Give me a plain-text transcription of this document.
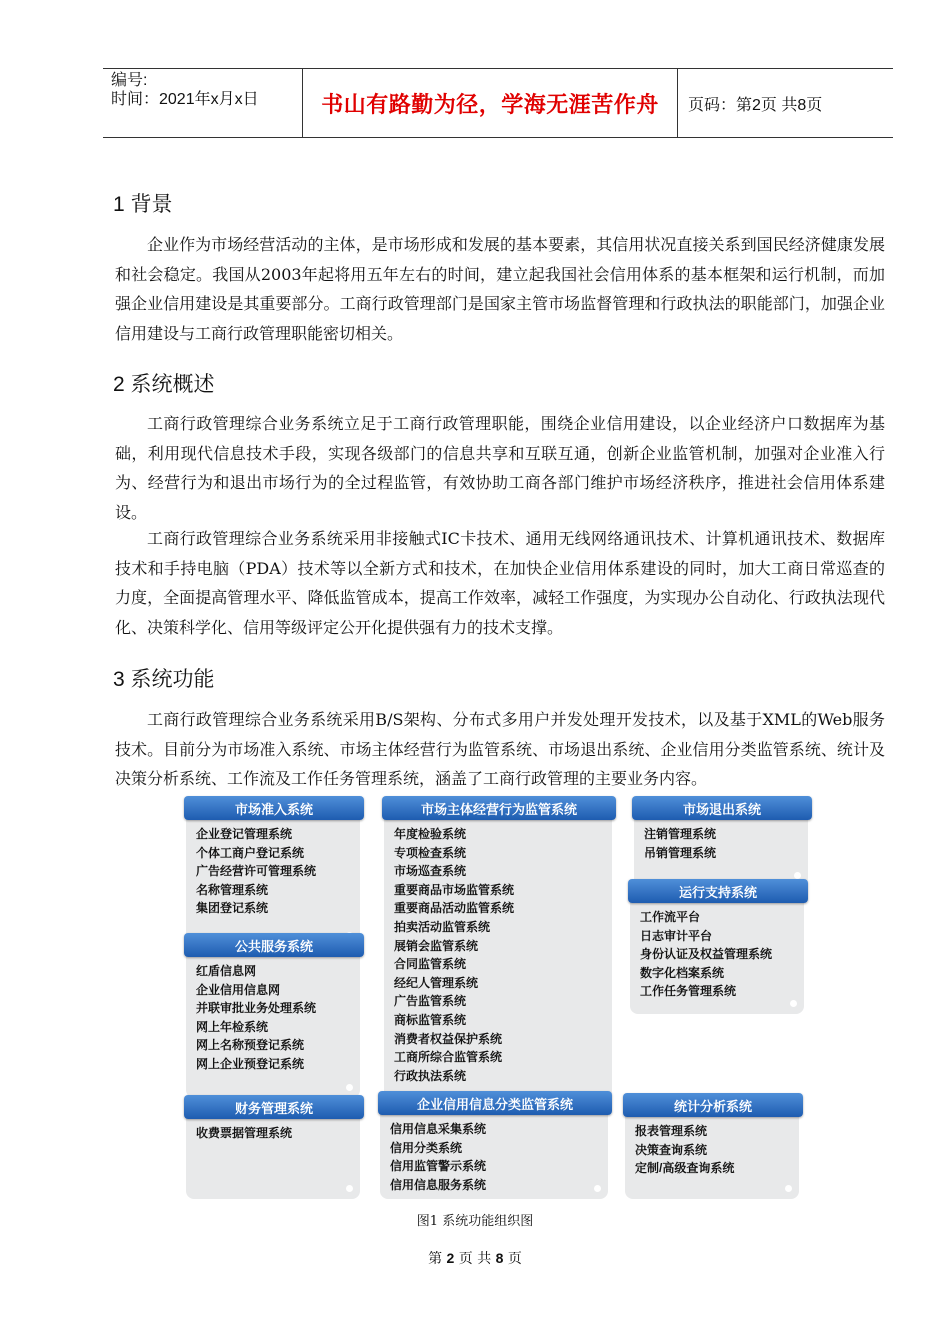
编号:
时间：2021年x月x日	书山有路勤为径，学海无涯苦作舟	页码：第2页 共8页
1 背景

企业作为市场经营活动的主体，是市场形成和发展的基本要素，其信用状况直接关系到国民经济健康发展和社会稳定。我国从2003年起将用五年左右的时间，建立起我国社会信用体系的基本框架和运行机制，而加强企业信用建设是其重要部分。工商行政管理部门是国家主管市场监督管理和行政执法的职能部门，加强企业信用建设与工商行政管理职能密切相关。

2 系统概述

工商行政管理综合业务系统立足于工商行政管理职能，围绕企业信用建设，以企业经济户口数据库为基础，利用现代信息技术手段，实现各级部门的信息共享和互联互通，创新企业监管机制，加强对企业准入行为、经营行为和退出市场行为的全过程监管，有效协助工商各部门维护市场经济秩序，推进社会信用体系建设。

工商行政管理综合业务系统采用非接触式IC卡技术、通用无线网络通讯技术、计算机通讯技术、数据库技术和手持电脑（PDA）技术等以全新方式和技术，在加快企业信用体系建设的同时，加大工商日常巡查的力度，全面提高管理水平、降低监管成本，提高工作效率，减轻工作强度，为实现办公自动化、行政执法现代化、决策科学化、信用等级评定公开化提供强有力的技术支撑。

3 系统功能

工商行政管理综合业务系统采用B/S架构、分布式多用户并发处理开发技术，以及基于XML的Web服务技术。目前分为市场准入系统、市场主体经营行为监管系统、市场退出系统、企业信用分类监管系统、统计及决策分析系统、工作流及工作任务管理系统，涵盖了工商行政管理的主要业务内容。

市场准入系统
企业登记管理系统
个体工商户登记系统
广告经营许可管理系统
名称管理系统
集团登记系统
公共服务系统
红盾信息网
企业信用信息网
并联审批业务处理系统
网上年检系统
网上名称预登记系统
网上企业预登记系统
财务管理系统
收费票据管理系统
市场主体经营行为监管系统
年度检验系统
专项检查系统
市场巡查系统
重要商品市场监管系统
重要商品活动监管系统
拍卖活动监管系统
展销会监管系统
合同监管系统
经纪人管理系统
广告监管系统
商标监管系统
消费者权益保护系统
工商所综合监管系统
行政执法系统
企业信用信息分类监管系统
信用信息采集系统
信用分类系统
信用监管警示系统
信用信息服务系统
市场退出系统
注销管理系统
吊销管理系统
运行支持系统
工作流平台
日志审计平台
身份认证及权益管理系统
数字化档案系统
工作任务管理系统
统计分析系统
报表管理系统
决策查询系统
定制/高级查询系统
图1 系统功能组织图
第 2 页 共 8 页
